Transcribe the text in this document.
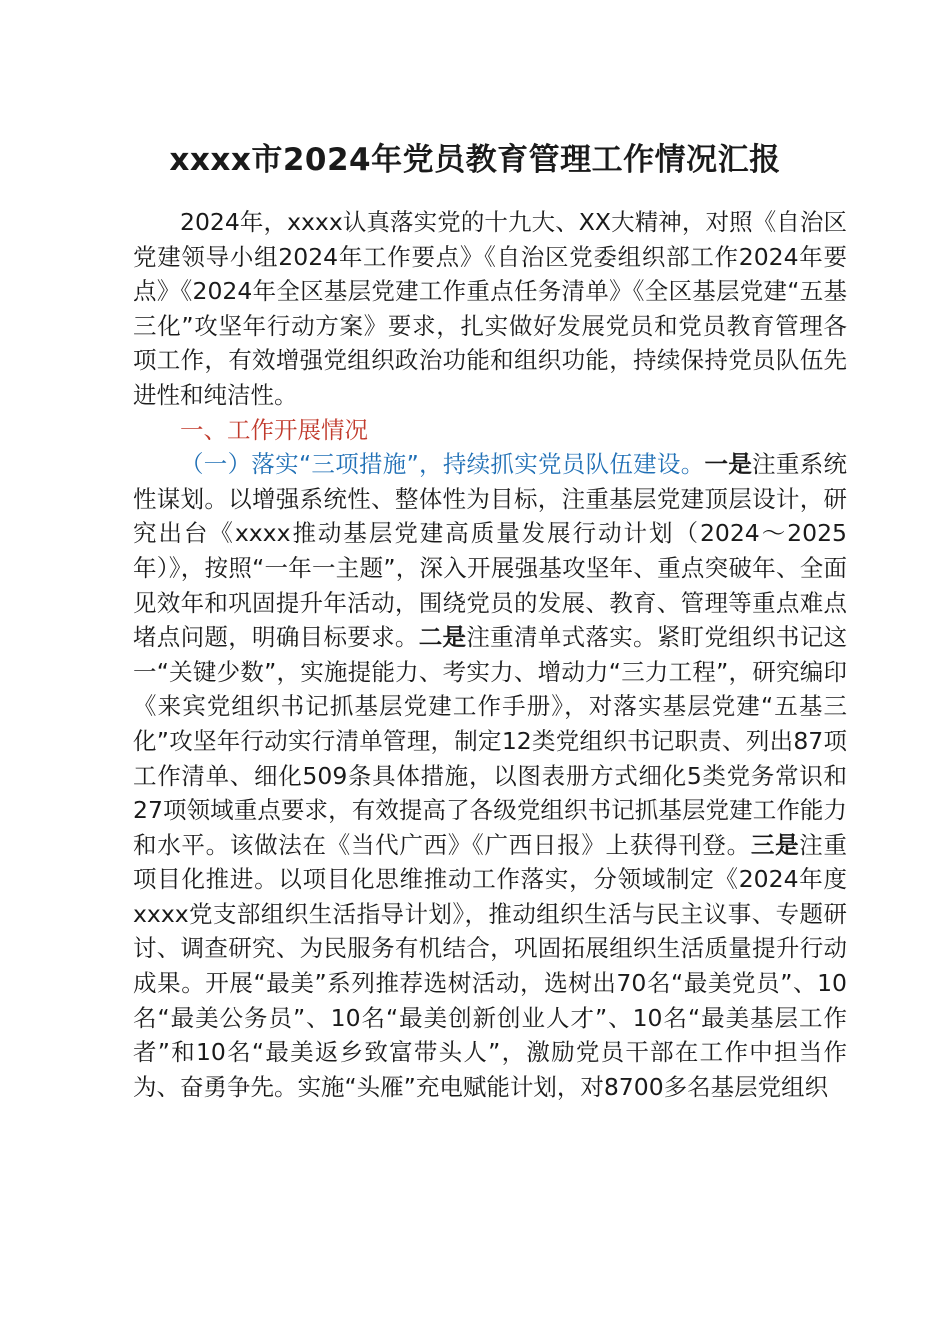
xxxx市2024年党员教育管理工作情况汇报

2024年，xxxx认真落实党的十九大、XX大精神，对照《自治区党建领导小组2024年工作要点》《自治区党委组织部工作2024年要点》《2024年全区基层党建工作重点任务清单》《全区基层党建“五基三化”攻坚年行动方案》要求，扎实做好发展党员和党员教育管理各项工作，有效增强党组织政治功能和组织功能，持续保持党员队伍先进性和纯洁性。

一、工作开展情况

（一）落实“三项措施”，持续抓实党员队伍建设。一是注重系统性谋划。以增强系统性、整体性为目标，注重基层党建顶层设计，研究出台《xxxx推动基层党建高质量发展行动计划（2024～2025年）》，按照“一年一主题”，深入开展强基攻坚年、重点突破年、全面见效年和巩固提升年活动，围绕党员的发展、教育、管理等重点难点堵点问题，明确目标要求。二是注重清单式落实。紧盯党组织书记这一“关键少数”，实施提能力、考实力、增动力“三力工程”，研究编印《来宾党组织书记抓基层党建工作手册》，对落实基层党建“五基三化”攻坚年行动实行清单管理，制定12类党组织书记职责、列出87项工作清单、细化509条具体措施，以图表册方式细化5类党务常识和27项领域重点要求，有效提高了各级党组织书记抓基层党建工作能力和水平。该做法在《当代广西》《广西日报》上获得刊登。三是注重项目化推进。以项目化思维推动工作落实，分领域制定《2024年度xxxx党支部组织生活指导计划》，推动组织生活与民主议事、专题研讨、调查研究、为民服务有机结合，巩固拓展组织生活质量提升行动成果。开展“最美”系列推荐选树活动，选树出70名“最美党员”、10名“最美公务员”、10名“最美创新创业人才”、10名“最美基层工作者”和10名“最美返乡致富带头人”，激励党员干部在工作中担当作为、奋勇争先。实施“头雁”充电赋能计划，对8700多名基层党组织
